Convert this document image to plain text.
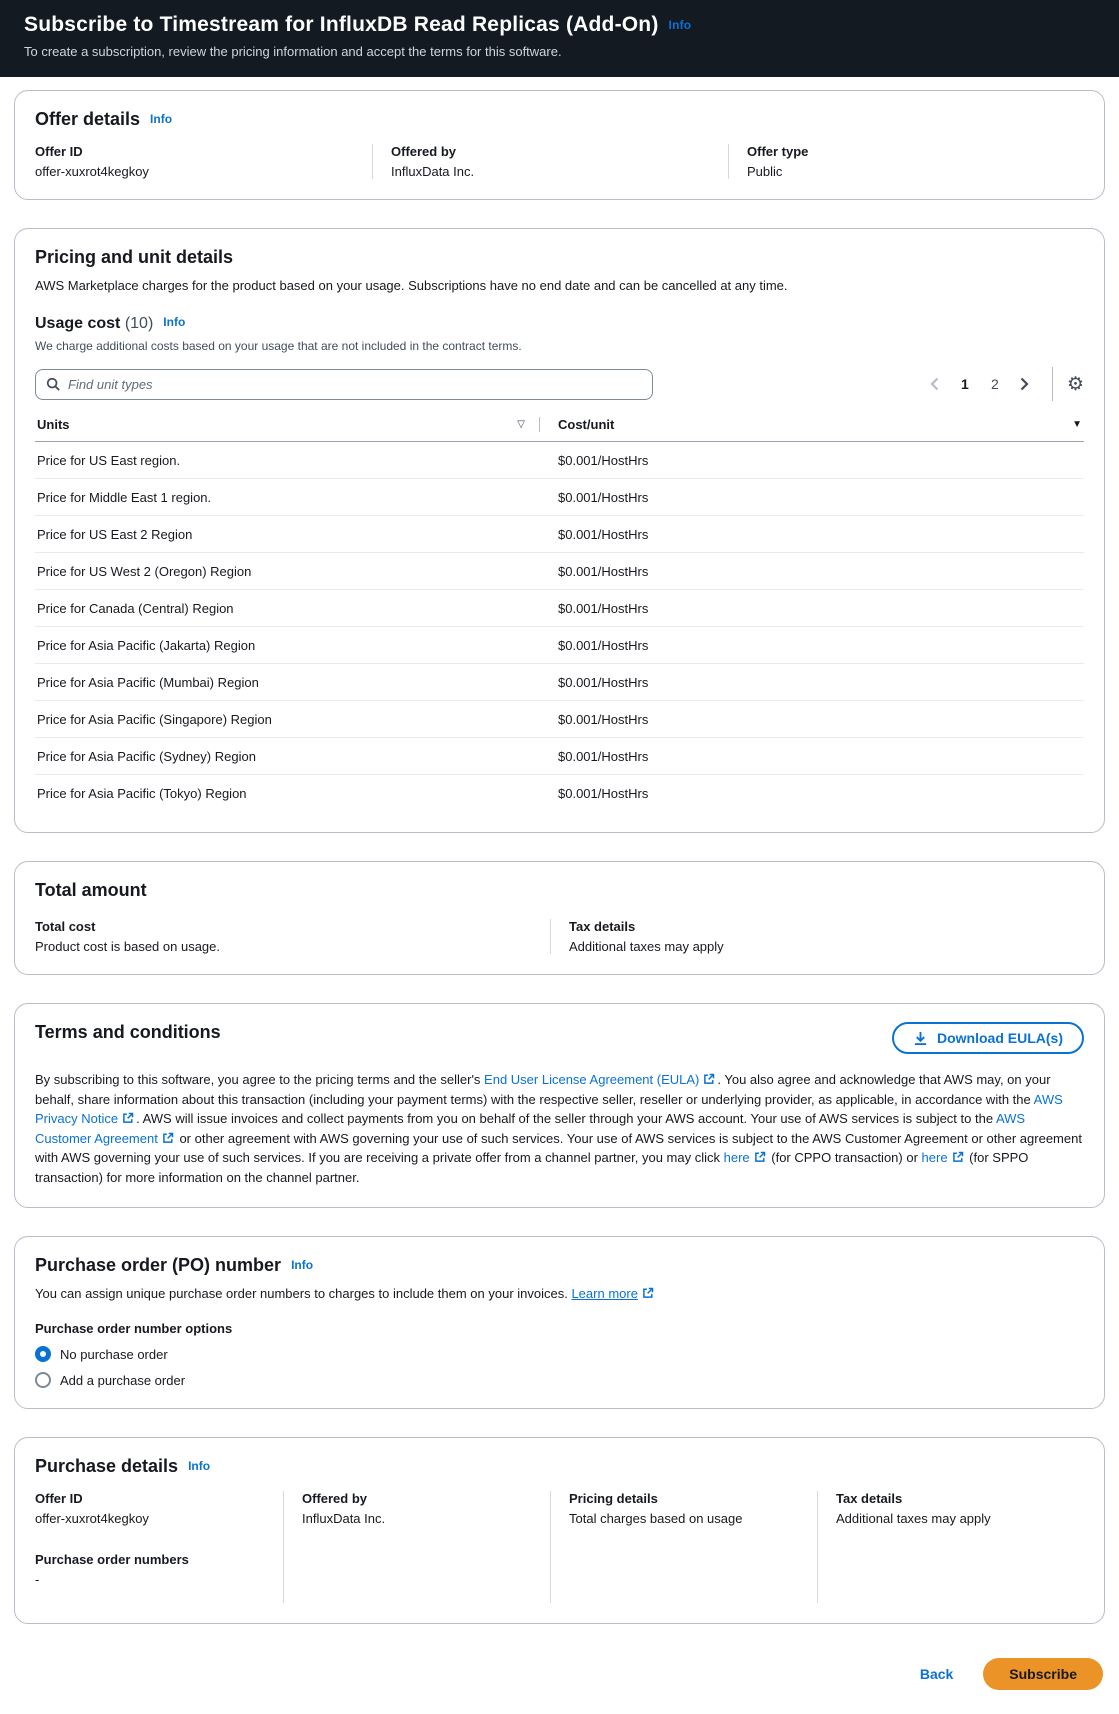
Subscribe to Timestream for InfluxDB Read Replicas (Add-On) Info
To create a subscription, review the pricing information and accept the terms for this software.
Offer details Info
Offer ID
offer-xuxrot4kegkoy
Offered by
InfluxData Inc.
Offer type
Public
Pricing and unit details
AWS Marketplace charges for the product based on your usage. Subscriptions have no end date and can be cancelled at any time.
Usage cost (10) Info
We charge additional costs based on your usage that are not included in the contract terms.
Find unit types
1	2	⚙
Units	▽	Cost/unit	▼
Price for US East region.	$0.001/HostHrs
Price for Middle East 1 region.	$0.001/HostHrs
Price for US East 2 Region	$0.001/HostHrs
Price for US West 2 (Oregon) Region	$0.001/HostHrs
Price for Canada (Central) Region	$0.001/HostHrs
Price for Asia Pacific (Jakarta) Region	$0.001/HostHrs
Price for Asia Pacific (Mumbai) Region	$0.001/HostHrs
Price for Asia Pacific (Singapore) Region	$0.001/HostHrs
Price for Asia Pacific (Sydney) Region	$0.001/HostHrs
Price for Asia Pacific (Tokyo) Region	$0.001/HostHrs
Total amount
Total cost
Product cost is based on usage.
Tax details
Additional taxes may apply
Terms and conditions	Download EULA(s)

By subscribing to this software, you agree to the pricing terms and the seller's End User License Agreement (EULA) . You also agree and acknowledge that AWS may, on your behalf, share information about this transaction (including your payment terms) with the respective seller, reseller or underlying provider, as applicable, in accordance with the AWS Privacy Notice . AWS will issue invoices and collect payments from you on behalf of the seller through your AWS account. Your use of AWS services is subject to the AWS Customer Agreement or other agreement with AWS governing your use of such services. Your use of AWS services is subject to the AWS Customer Agreement or other agreement with AWS governing your use of such services. If you are receiving a private offer from a channel partner, you may click here (for CPPO transaction) or here (for SPPO transaction) for more information on the channel partner.

Purchase order (PO) number Info
You can assign unique purchase order numbers to charges to include them on your invoices. Learn more
Purchase order number options
No purchase order
Add a purchase order
Purchase details Info
Offer ID
offer-xuxrot4kegkoy
Purchase order numbers
-
Offered by
InfluxData Inc.
Pricing details
Total charges based on usage
Tax details
Additional taxes may apply
Back	Subscribe
